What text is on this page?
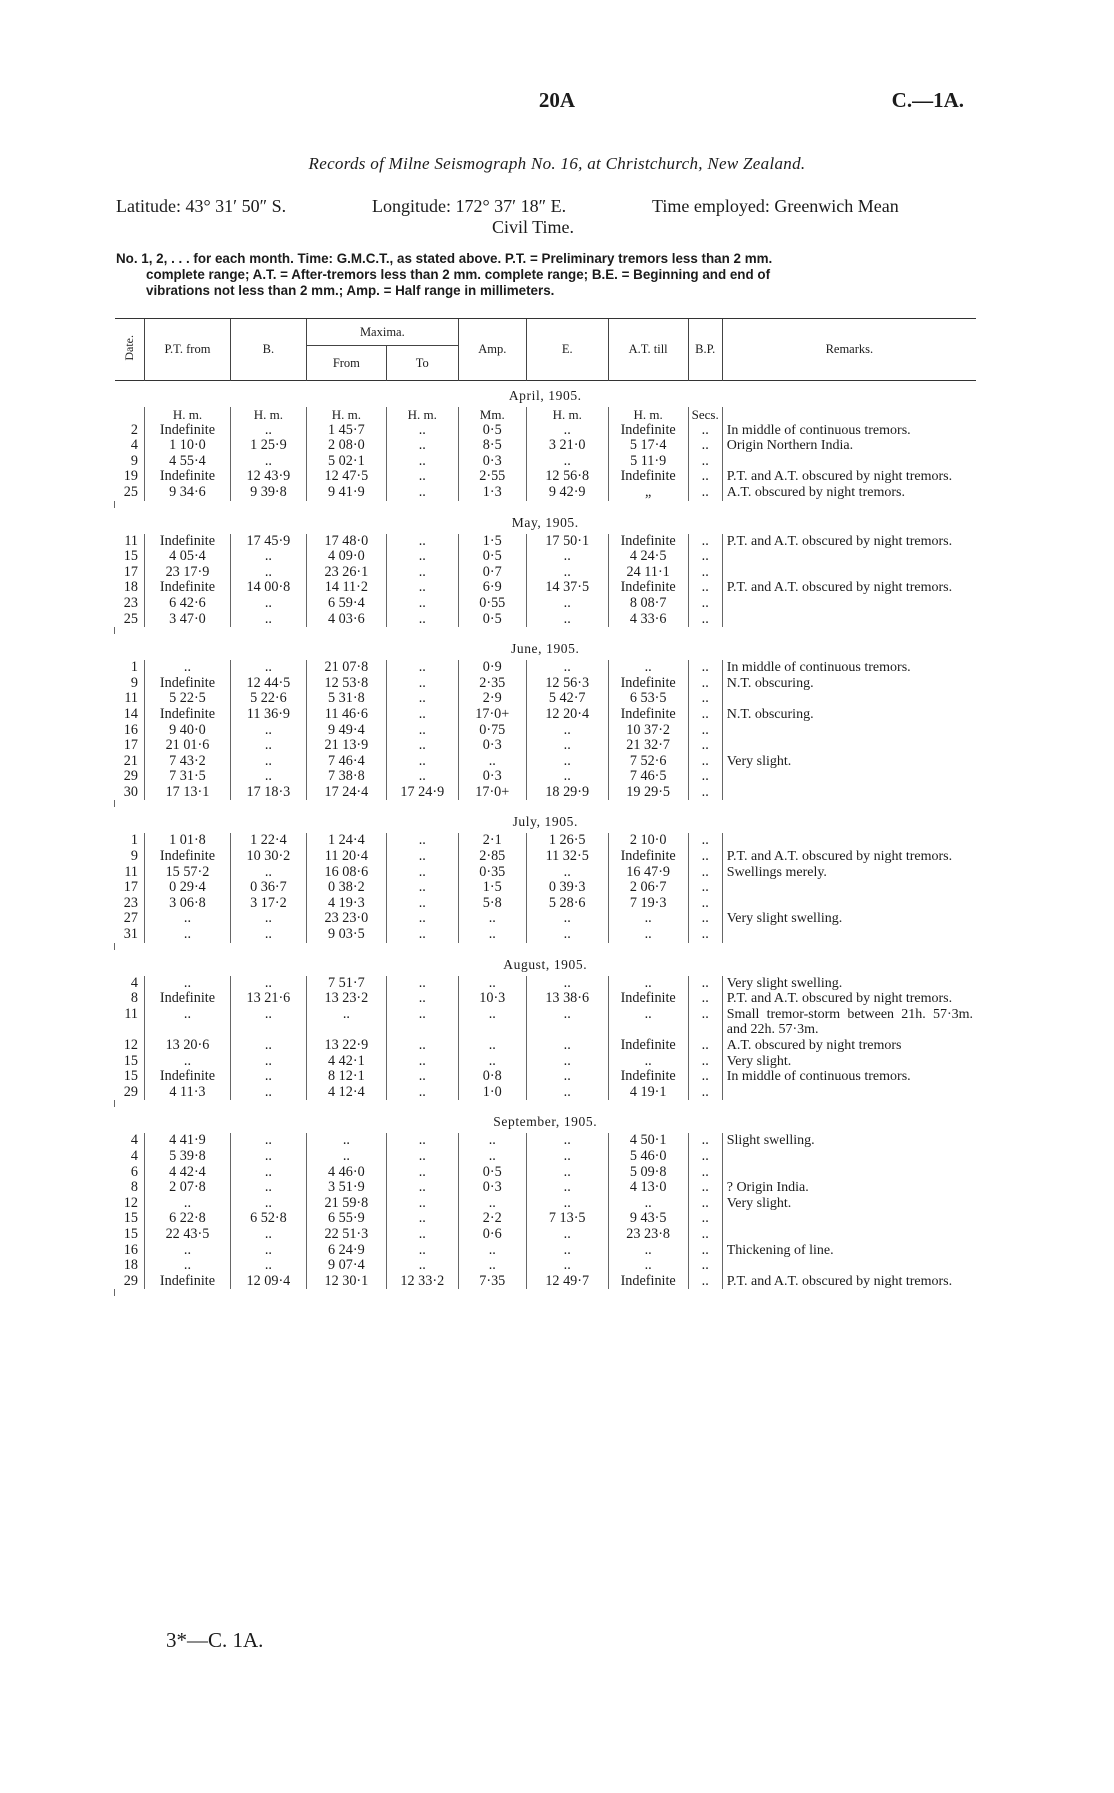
20A	C.—1A.
Records of Milne Seismograph No. 16, at Christchurch, New Zealand.
Latitude: 43° 31′ 50″ S.	Longitude: 172° 37′ 18″ E.	Time employed: Greenwich Mean
Civil Time.
No. 1, 2, . . . for each month. Time: G.M.C.T., as stated above. P.T. = Preliminary tremors less than 2 mm.
complete range; A.T. = After-tremors less than 2 mm. complete range; B.E. = Beginning and end of
vibrations not less than 2 mm.; Amp. = Half range in millimeters.
Date.	P.T. from	B.	Maxima.		Amp.	E.	A.T. till	B.P.	Remarks.
			From	To					
April, 1905.									
	H. m.	H. m.	H. m.	H. m.	Mm.	H. m.	H. m.	Secs.	
2	Indefinite	..	1 45·7	..	0·5	..	Indefinite	..	In middle of continuous tremors.
4	1 10·0	1 25·9	2 08·0	..	8·5	3 21·0	5 17·4	..	Origin Northern India.
9	4 55·4	..	5 02·1	..	0·3	..	5 11·9	..	
19	Indefinite	12 43·9	12 47·5	..	2·55	12 56·8	Indefinite	..	P.T. and A.T. obscured by night tremors.
25	9 34·6	9 39·8	9 41·9	..	1·3	9 42·9	„	..	A.T. obscured by night tremors.

May, 1905.									
11	Indefinite	17 45·9	17 48·0	..	1·5	17 50·1	Indefinite	..	P.T. and A.T. obscured by night tremors.
15	4 05·4	..	4 09·0	..	0·5	..	4 24·5	..	
17	23 17·9	..	23 26·1	..	0·7	..	24 11·1	..	
18	Indefinite	14 00·8	14 11·2	..	6·9	14 37·5	Indefinite	..	P.T. and A.T. obscured by night tremors.
23	6 42·6	..	6 59·4	..	0·55	..	8 08·7	..	
25	3 47·0	..	4 03·6	..	0·5	..	4 33·6	..	

June, 1905.									
1	..	..	21 07·8	..	0·9	..	..	..	In middle of continuous tremors.
9	Indefinite	12 44·5	12 53·8	..	2·35	12 56·3	Indefinite	..	N.T. obscuring.
11	5 22·5	5 22·6	5 31·8	..	2·9	5 42·7	6 53·5	..	
14	Indefinite	11 36·9	11 46·6	..	17·0+	12 20·4	Indefinite	..	N.T. obscuring.
16	9 40·0	..	9 49·4	..	0·75	..	10 37·2	..	
17	21 01·6	..	21 13·9	..	0·3	..	21 32·7	..	
21	7 43·2	..	7 46·4	..	..	..	7 52·6	..	Very slight.
29	7 31·5	..	7 38·8	..	0·3	..	7 46·5	..	
30	17 13·1	17 18·3	17 24·4	17 24·9	17·0+	18 29·9	19 29·5	..	

July, 1905.									
1	1 01·8	1 22·4	1 24·4	..	2·1	1 26·5	2 10·0	..	
9	Indefinite	10 30·2	11 20·4	..	2·85	11 32·5	Indefinite	..	P.T. and A.T. obscured by night tremors.
11	15 57·2	..	16 08·6	..	0·35	..	16 47·9	..	Swellings merely.
17	0 29·4	0 36·7	0 38·2	..	1·5	0 39·3	2 06·7	..	
23	3 06·8	3 17·2	4 19·3	..	5·8	5 28·6	7 19·3	..	
27	..	..	23 23·0	..	..	..	..	..	Very slight swelling.
31	..	..	9 03·5	..	..	..	..	..	

August, 1905.									
4	..	..	7 51·7	..	..	..	..	..	Very slight swelling.
8	Indefinite	13 21·6	13 23·2	..	10·3	13 38·6	Indefinite	..	P.T. and A.T. obscured by night tremors.
11	..	..	..	..	..	..	..	..	Small tremor-storm between 21h. 57·3m. and 22h. 57·3m.
12	13 20·6	..	13 22·9	..	..	..	Indefinite	..	A.T. obscured by night tremors
15	..	..	4 42·1	..	..	..	..	..	Very slight.
15	Indefinite	..	8 12·1	..	0·8	..	Indefinite	..	In middle of continuous tremors.
29	4 11·3	..	4 12·4	..	1·0	..	4 19·1	..	

September, 1905.									
4	4 41·9	..	..	..	..	..	4 50·1	..	Slight swelling.
4	5 39·8	..	..	..	..	..	5 46·0	..	
6	4 42·4	..	4 46·0	..	0·5	..	5 09·8	..	
8	2 07·8	..	3 51·9	..	0·3	..	4 13·0	..	? Origin India.
12	..	..	21 59·8	..	..	..	..	..	Very slight.
15	6 22·8	6 52·8	6 55·9	..	2·2	7 13·5	9 43·5	..	
15	22 43·5	..	22 51·3	..	0·6	..	23 23·8	..	
16	..	..	6 24·9	..	..	..	..	..	Thickening of line.
18	..	..	9 07·4	..	..	..	..	..	
29	Indefinite	12 09·4	12 30·1	12 33·2	7·35	12 49·7	Indefinite	..	P.T. and A.T. obscured by night tremors.

3*—C. 1A.
